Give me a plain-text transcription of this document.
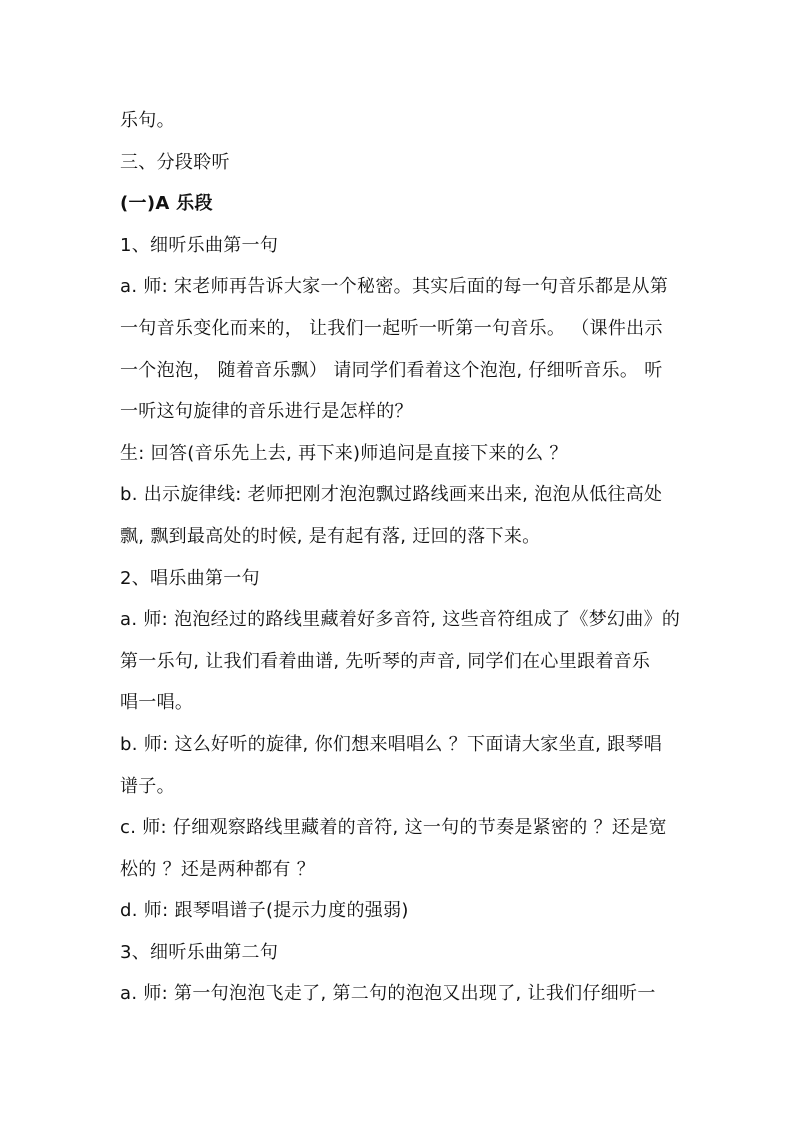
乐句。
三、分段聆听
(一)A 乐段
1、细听乐曲第一句
a. 师: 宋老师再告诉大家一个秘密。其实后面的每一句音乐都是从第
一句音乐变化而来的， 让我们一起听一听第一句音乐。 （课件出示
一个泡泡， 随着音乐飘） 请同学们看着这个泡泡, 仔细听音乐。 听
一听这句旋律的音乐进行是怎样的？
生: 回答(音乐先上去, 再下来)师追问是直接下来的么 ？
b. 出示旋律线: 老师把刚才泡泡飘过路线画来出来, 泡泡从低往高处
飘, 飘到最高处的时候, 是有起有落, 迂回的落下来。
2、唱乐曲第一句
a. 师: 泡泡经过的路线里藏着好多音符, 这些音符组成了《梦幻曲》的
第一乐句, 让我们看着曲谱, 先听琴的声音, 同学们在心里跟着音乐
唱一唱。
b. 师: 这么好听的旋律, 你们想来唱唱么 ？下面请大家坐直, 跟琴唱
谱子。
c. 师: 仔细观察路线里藏着的音符, 这一句的节奏是紧密的 ？还是宽
松的 ？还是两种都有 ？
d. 师: 跟琴唱谱子(提示力度的强弱)
3、细听乐曲第二句
a. 师: 第一句泡泡飞走了, 第二句的泡泡又出现了, 让我们仔细听一
